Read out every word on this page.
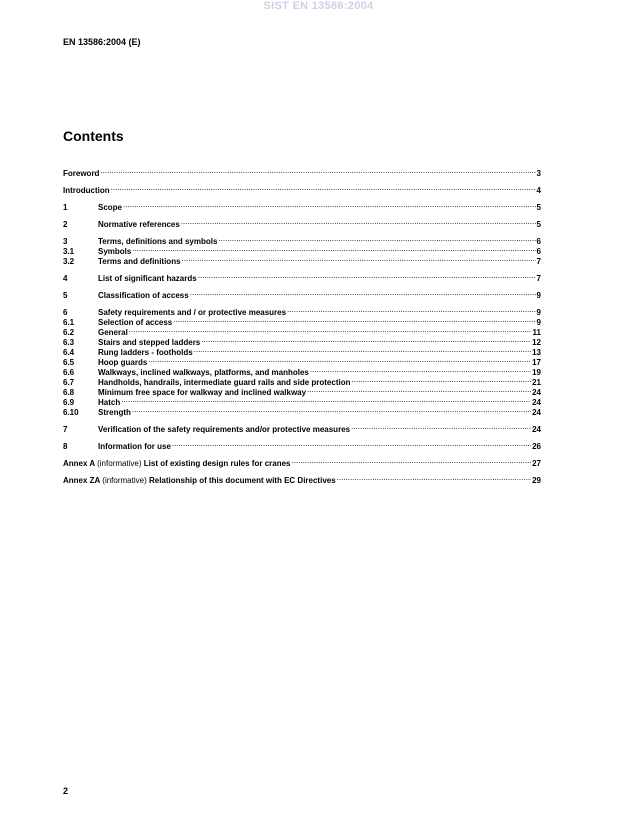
SIST EN 13586:2004
EN 13586:2004 (E)
Contents
Foreword .....	3
Introduction .....	4
1	Scope .....	5
2	Normative references .....	5
3	Terms, definitions and symbols .....	6
3.1	Symbols .....	6
3.2	Terms and definitions .....	7
4	List of significant hazards .....	7
5	Classification of access .....	9
6	Safety requirements and / or protective measures .....	9
6.1	Selection of access .....	9
6.2	General .....	11
6.3	Stairs and stepped ladders .....	12
6.4	Rung ladders - footholds .....	13
6.5	Hoop guards .....	17
6.6	Walkways, inclined walkways, platforms, and manholes .....	19
6.7	Handholds, handrails, intermediate guard rails and side protection .....	21
6.8	Minimum free space for walkway and inclined walkway .....	24
6.9	Hatch .....	24
6.10	Strength .....	24
7	Verification of the safety requirements and/or protective measures .....	24
8	Information for use .....	26
Annex A (informative) List of existing design rules for cranes .....	27
Annex ZA (informative) Relationship of this document with EC Directives .....	29
2
